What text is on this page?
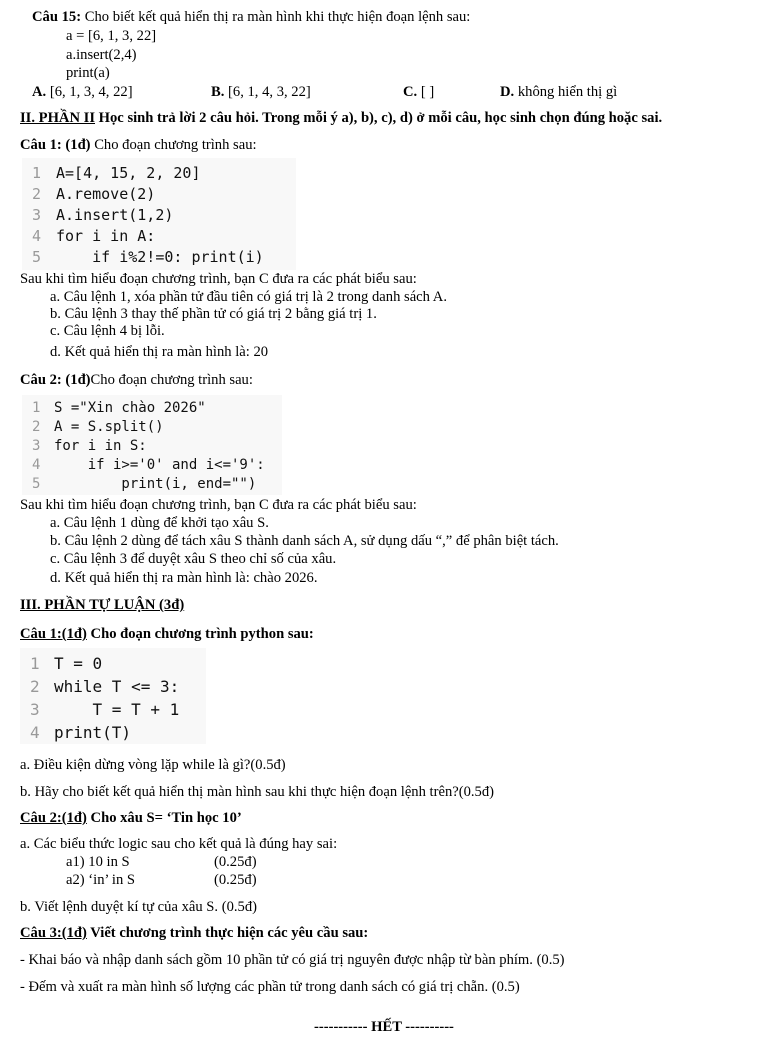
Câu 15: Cho biết kết quả hiển thị ra màn hình khi thực hiện đoạn lệnh sau:
a = [6, 1, 3, 22]
a.insert(2,4)
print(a)
A. [6, 1, 3, 4, 22]	B. [6, 1, 4, 3, 22]	C. [ ]	D. không hiển thị gì
II. PHẦN II Học sinh trả lời 2 câu hỏi. Trong mỗi ý a), b), c), d) ở mỗi câu, học sinh chọn đúng hoặc sai.
Câu 1: (1đ) Cho đoạn chương trình sau:
1
2
3
4
5
A=[4, 15, 2, 20]
A.remove(2)
A.insert(1,2)
for i in A:
if i%2!=0: print(i)
Sau khi tìm hiểu đoạn chương trình, bạn C đưa ra các phát biểu sau:
a. Câu lệnh 1, xóa phần tử đầu tiên có giá trị là 2 trong danh sách A.
b. Câu lệnh 3 thay thế phần tử có giá trị 2 bằng giá trị 1.
c. Câu lệnh 4 bị lỗi.
d. Kết quả hiển thị ra màn hình là: 20
Câu 2: (1đ)Cho đoạn chương trình sau:
1
2
3
4
5
S ="Xin chào 2026"
A = S.split()
for i in S:
if i>='0' and i<='9':
print(i, end="")
Sau khi tìm hiểu đoạn chương trình, bạn C đưa ra các phát biểu sau:
a. Câu lệnh 1 dùng để khởi tạo xâu S.
b. Câu lệnh 2 dùng để tách xâu S thành danh sách A, sử dụng dấu “,” để phân biệt tách.
c. Câu lệnh 3 để duyệt xâu S theo chỉ số của xâu.
d. Kết quả hiển thị ra màn hình là: chào 2026.
III. PHẦN TỰ LUẬN (3đ)
Câu 1:(1đ) Cho đoạn chương trình python sau:
1
2
3
4
T = 0
while T <= 3:
T = T + 1
print(T)
a. Điều kiện dừng vòng lặp while là gì?(0.5đ)
b. Hãy cho biết kết quả hiển thị màn hình sau khi thực hiện đoạn lệnh trên?(0.5đ)
Câu 2:(1đ) Cho xâu S= ‘Tin học 10’
a. Các biểu thức logic sau cho kết quả là đúng hay sai:
a1) 10 in S	(0.25đ)
a2) ‘in’ in S	(0.25đ)
b. Viết lệnh duyệt kí tự của xâu S. (0.5đ)
Câu 3:(1đ) Viết chương trình thực hiện các yêu cầu sau:
- Khai báo và nhập danh sách gồm 10 phần tử có giá trị nguyên được nhập từ bàn phím. (0.5)
- Đếm và xuất ra màn hình số lượng các phần tử trong danh sách có giá trị chẵn. (0.5)
----------- HẾT ----------
